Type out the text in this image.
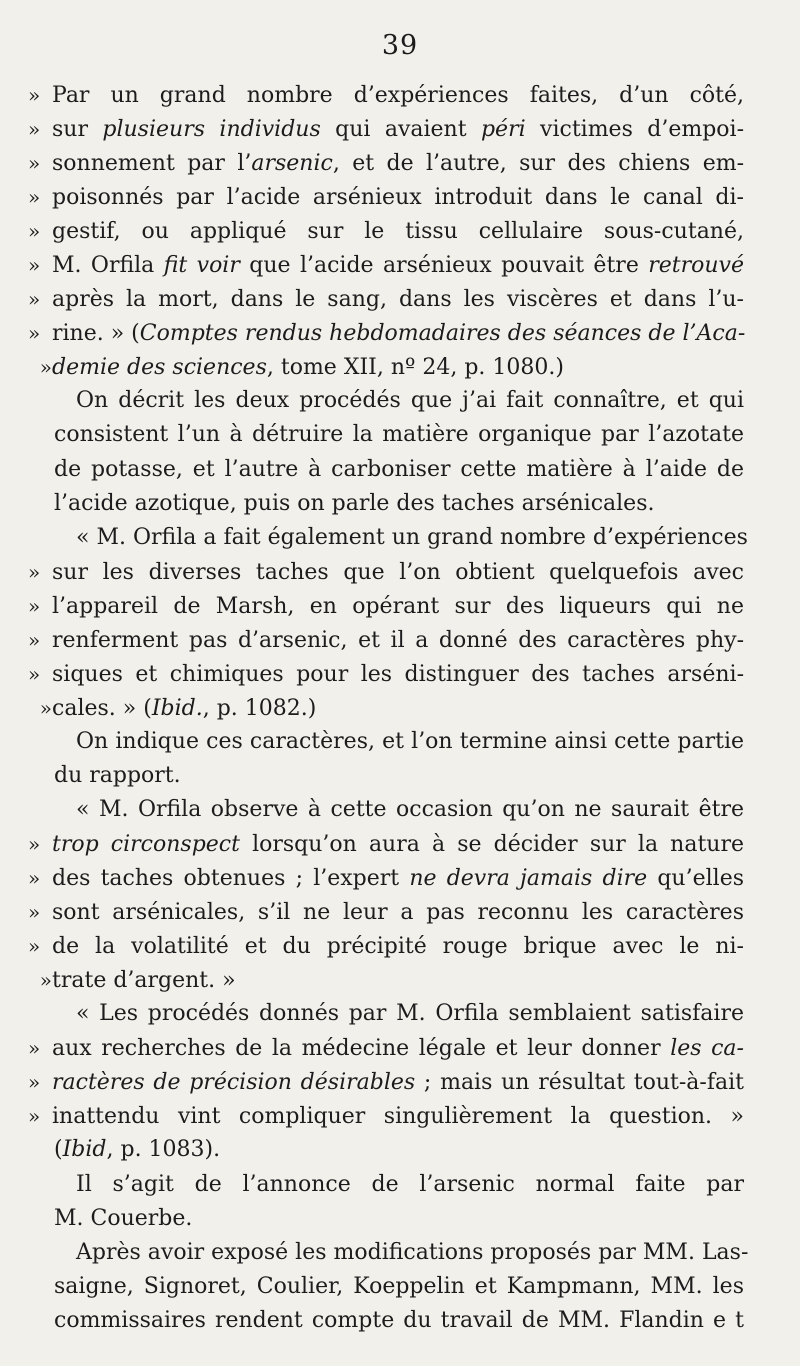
39
» Par un grand nombre d’expériences faites, d’un côté,
» sur plusieurs individus qui avaient péri victimes d’empoi-
» sonnement par l’arsenic, et de l’autre, sur des chiens em-
» poisonnés par l’acide arsénieux introduit dans le canal di-
» gestif, ou appliqué sur le tissu cellulaire sous-cutané,
» M. Orfila fit voir que l’acide arsénieux pouvait être retrouvé
» après la mort, dans le sang, dans les viscères et dans l’u-
» rine. » (Comptes rendus hebdomadaires des séances de l’Aca-
»demie des sciences, tome XII, nº 24, p. 1080.)
On décrit les deux procédés que j’ai fait connaître, et qui
consistent l’un à détruire la matière organique par l’azotate
de potasse, et l’autre à carboniser cette matière à l’aide de
l’acide azotique, puis on parle des taches arsénicales.
« M. Orfila a fait également un grand nombre d’expériences
» sur les diverses taches que l’on obtient quelquefois avec
» l’appareil de Marsh, en opérant sur des liqueurs qui ne
» renferment pas d’arsenic, et il a donné des caractères phy-
» siques et chimiques pour les distinguer des taches arséni-
»cales. » (Ibid., p. 1082.)
On indique ces caractères, et l’on termine ainsi cette partie
du rapport.
« M. Orfila observe à cette occasion qu’on ne saurait être
» trop circonspect lorsqu’on aura à se décider sur la nature
» des taches obtenues ; l’expert ne devra jamais dire qu’elles
» sont arsénicales, s’il ne leur a pas reconnu les caractères
» de la volatilité et du précipité rouge brique avec le ni-
»trate d’argent. »
« Les procédés donnés par M. Orfila semblaient satisfaire
» aux recherches de la médecine légale et leur donner les ca-
» ractères de précision désirables ; mais un résultat tout-à-fait
» inattendu vint compliquer singulièrement la question. »
(Ibid, p. 1083).
Il s’agit de l’annonce de l’arsenic normal faite par
M. Couerbe.
Après avoir exposé les modifications proposés par MM. Las-
saigne, Signoret, Coulier, Koeppelin et Kampmann, MM. les
commissaires rendent compte du travail de MM. Flandin e t
